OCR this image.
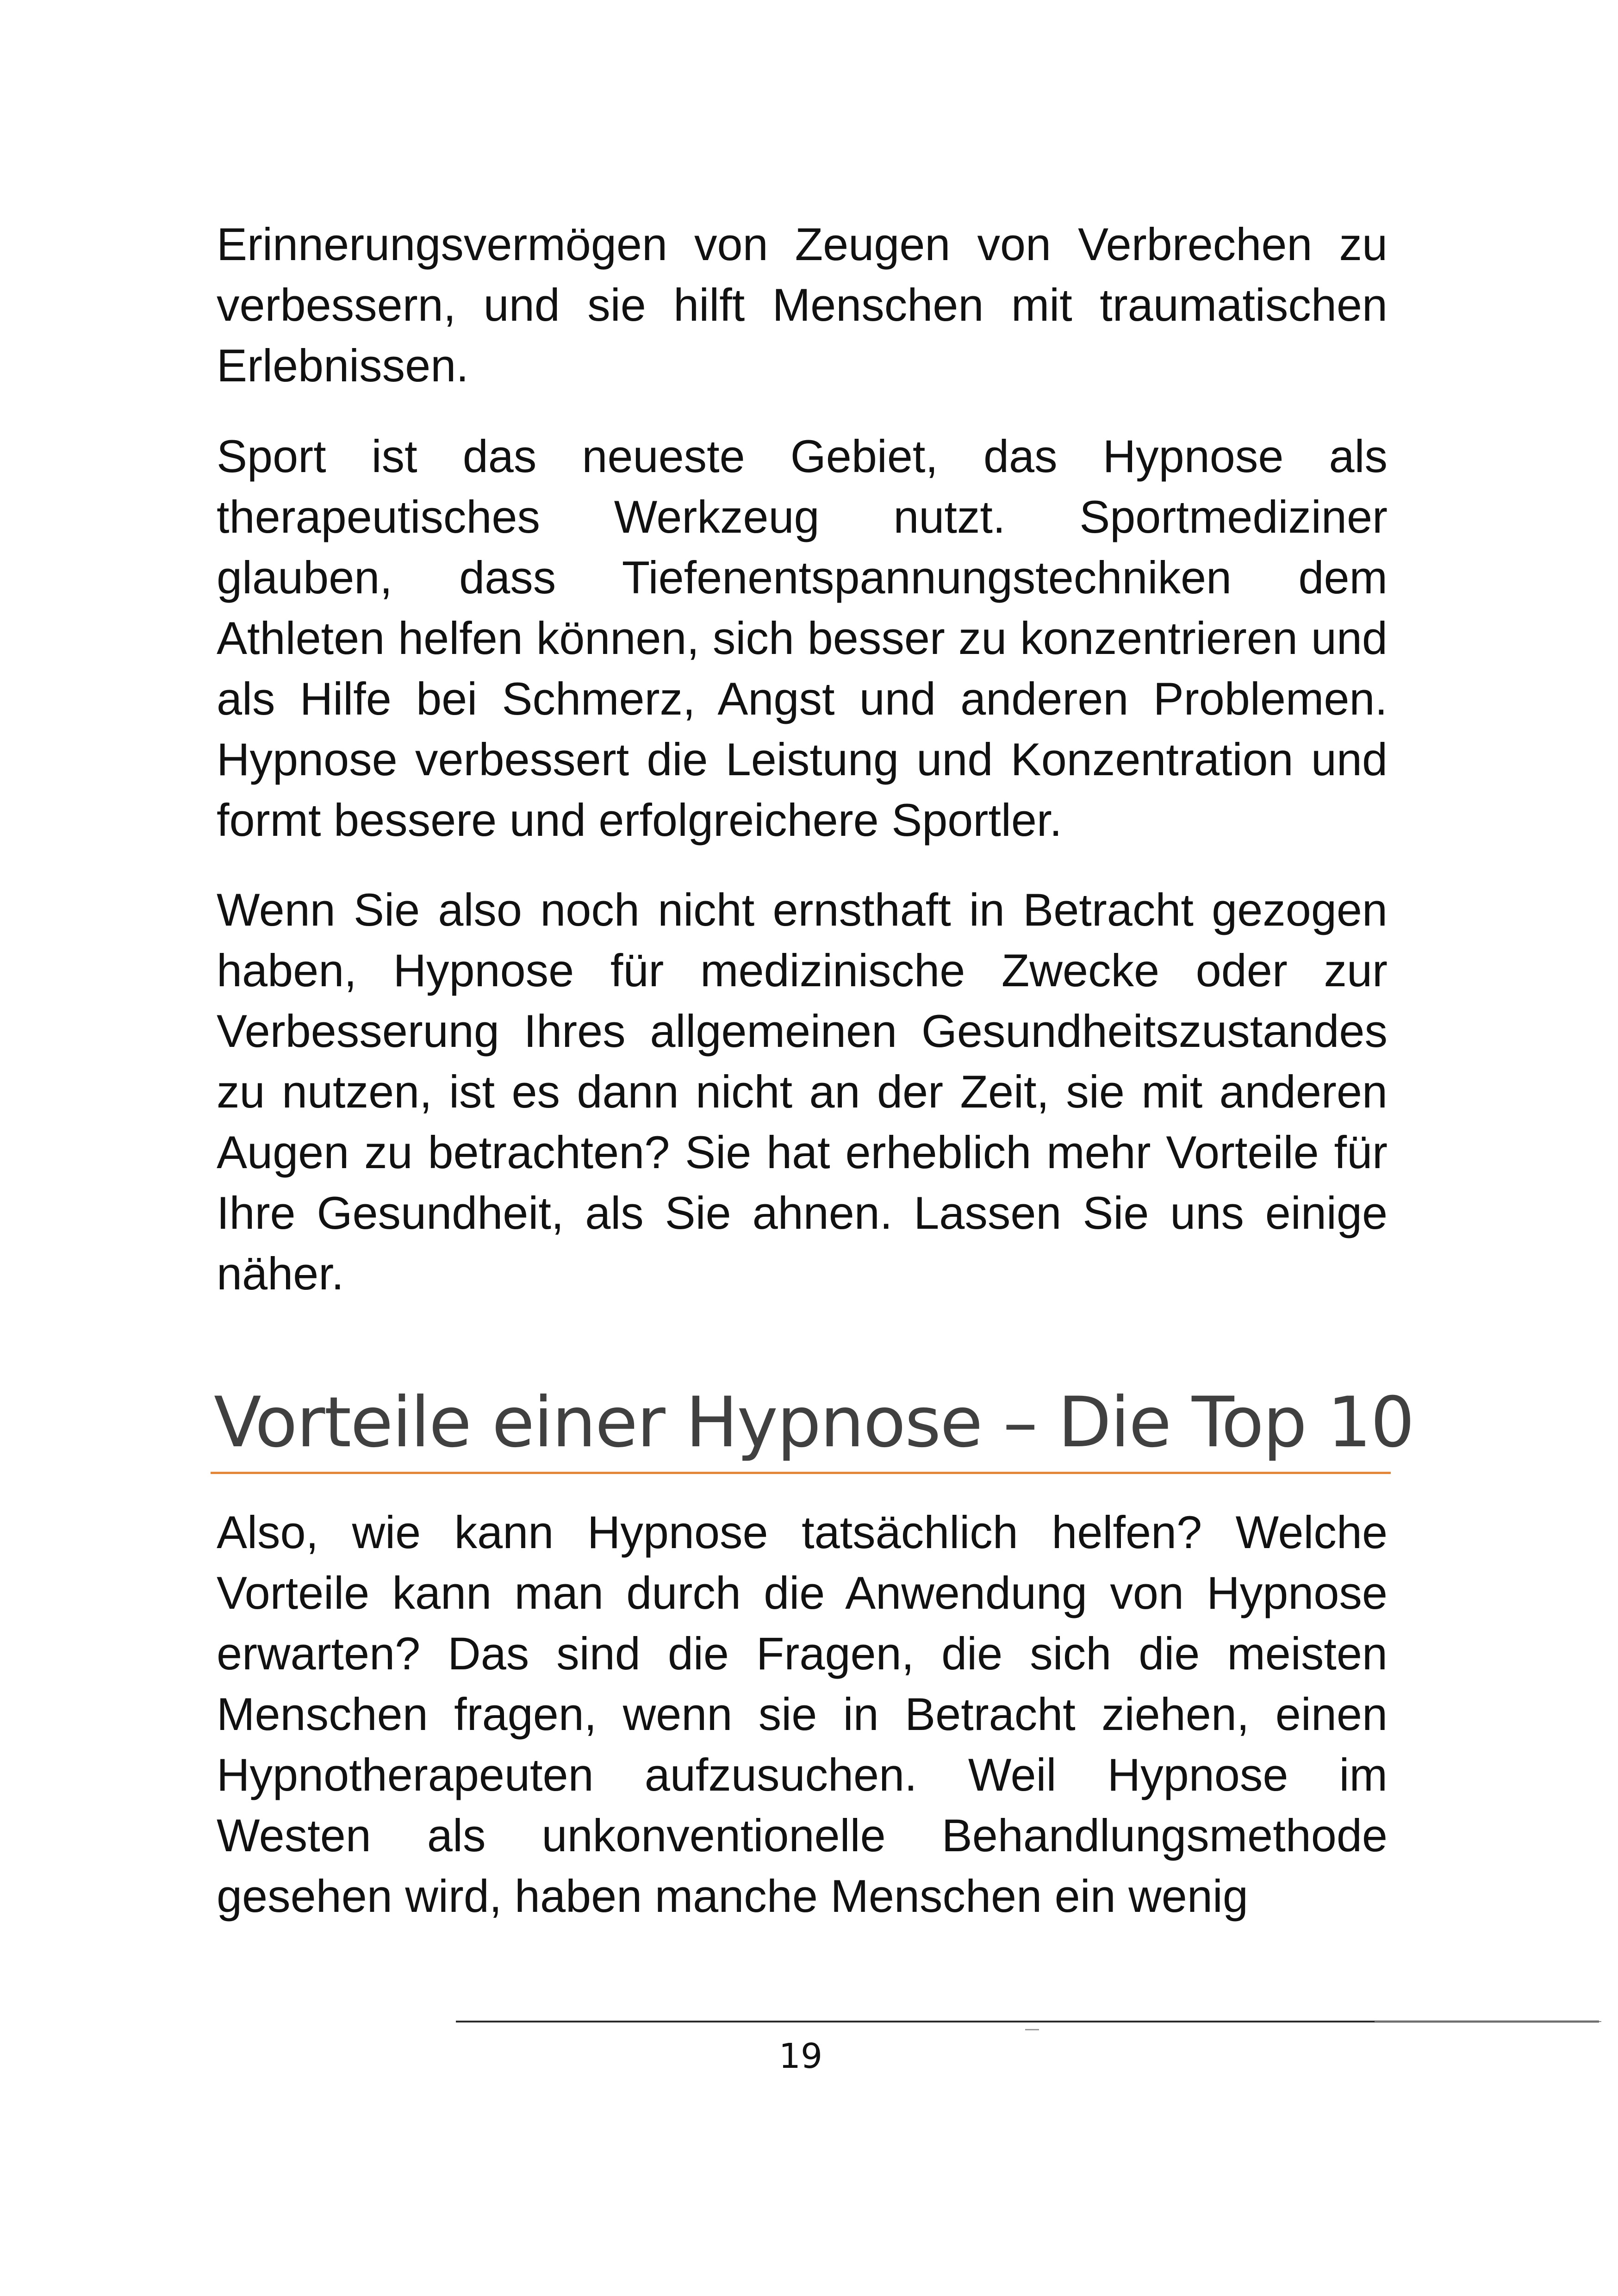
Erinnerungsvermögen von Zeugen von Verbrechen zu verbessern, und sie hilft Menschen mit traumatischen Erlebnissen.

Sport ist das neueste Gebiet, das Hypnose als therapeutisches Werkzeug nutzt. Sportmediziner glauben, dass Tiefenentspannungstechniken dem Athleten helfen können, sich besser zu konzentrieren und als Hilfe bei Schmerz, Angst und anderen Problemen. Hypnose verbessert die Leistung und Konzentration und formt bessere und erfolgreichere Sportler.

Wenn Sie also noch nicht ernsthaft in Betracht gezogen haben, Hypnose für medizinische Zwecke oder zur Verbesserung Ihres allgemeinen Gesundheitszustandes zu nutzen, ist es dann nicht an der Zeit, sie mit anderen Augen zu betrachten? Sie hat erheblich mehr Vorteile für Ihre Gesundheit, als Sie ahnen. Lassen Sie uns einige näher.

Vorteile einer Hypnose – Die Top 10

Also, wie kann Hypnose tatsächlich helfen? Welche Vorteile kann man durch die Anwendung von Hypnose erwarten? Das sind die Fragen, die sich die meisten Menschen fragen, wenn sie in Betracht ziehen, einen Hypnotherapeuten aufzusuchen. Weil Hypnose im Westen als unkonventionelle Behandlungsmethode gesehen wird, haben manche Menschen ein wenig

19
